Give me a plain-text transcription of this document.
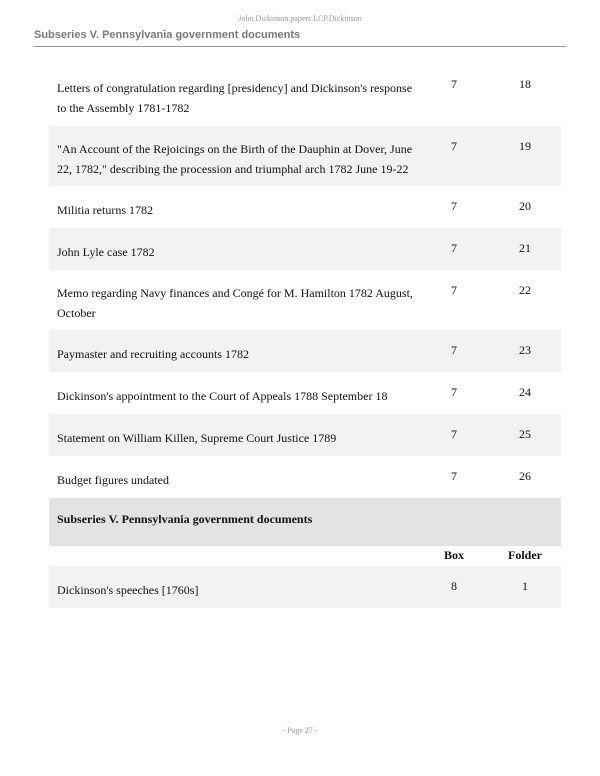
John Dickinson papers LCP.Dickinson
Subseries V. Pennsylvania government documents
Letters of congratulation regarding [presidency] and Dickinson's response
to the Assembly 1781-1782
7	18
"An Account of the Rejoicings on the Birth of the Dauphin at Dover, June
22, 1782," describing the procession and triumphal arch 1782 June 19-22
7	19
Militia returns 1782	7	20
John Lyle case 1782	7	21
Memo regarding Navy finances and Congé for M. Hamilton 1782 August,
October
7	22
Paymaster and recruiting accounts 1782	7	23
Dickinson's appointment to the Court of Appeals 1788 September 18	7	24
Statement on William Killen, Supreme Court Justice 1789	7	25
Budget figures undated	7	26
Subseries V. Pennsylvania government documents
Box	Folder
Dickinson's speeches [1760s]	8	1
- Page 27 -
